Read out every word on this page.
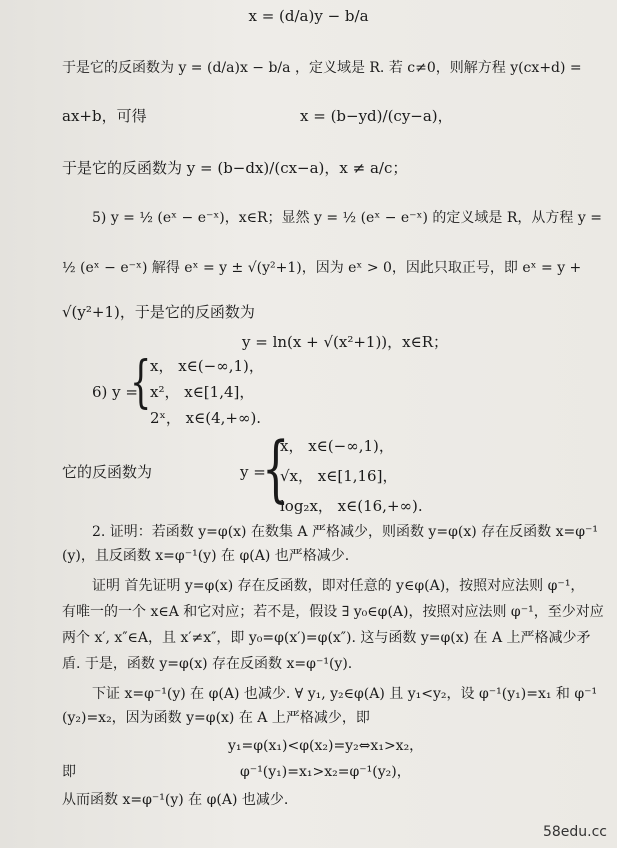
x = (d/a)y − b/a
于是它的反函数为 y = (d/a)x − b/a ，定义域是 R. 若 c≠0，则解方程 y(cx+d) =
ax+b，可得	x = (b−yd)/(cy−a)，
于是它的反函数为 y = (b−dx)/(cx−a)，x ≠ a/c；
5) y = ½ (eˣ − e⁻ˣ)，x∈R；显然 y = ½ (eˣ − e⁻ˣ) 的定义域是 R，从方程 y =
½ (eˣ − e⁻ˣ) 解得 eˣ = y ± √(y²+1)，因为 eˣ > 0，因此只取正号，即 eˣ = y +
√(y²+1)，于是它的反函数为
y = ln(x + √(x²+1))，x∈R；
6) y =
{
x， x∈(−∞,1)，
x²， x∈[1,4]，
2ˣ， x∈(4,+∞).
它的反函数为	y =
{
x， x∈(−∞,1)，
√x， x∈[1,16]，
log₂x， x∈(16,+∞).
2. 证明：若函数 y=φ(x) 在数集 A 严格减少，则函数 y=φ(x) 存在反函数 x=φ⁻¹
(y)，且反函数 x=φ⁻¹(y) 在 φ(A) 也严格减少.
证明 首先证明 y=φ(x) 存在反函数，即对任意的 y∈φ(A)，按照对应法则 φ⁻¹，
有唯一的一个 x∈A 和它对应；若不是，假设 ∃ y₀∈φ(A)，按照对应法则 φ⁻¹，至少对应
两个 x′, x″∈A，且 x′≠x″，即 y₀=φ(x′)=φ(x″). 这与函数 y=φ(x) 在 A 上严格减少矛
盾. 于是，函数 y=φ(x) 存在反函数 x=φ⁻¹(y).
下证 x=φ⁻¹(y) 在 φ(A) 也减少. ∀ y₁, y₂∈φ(A) 且 y₁<y₂，设 φ⁻¹(y₁)=x₁ 和 φ⁻¹
(y₂)=x₂，因为函数 y=φ(x) 在 A 上严格减少，即
y₁=φ(x₁)<φ(x₂)=y₂⇔x₁>x₂，
即	φ⁻¹(y₁)=x₁>x₂=φ⁻¹(y₂)，
从而函数 x=φ⁻¹(y) 在 φ(A) 也减少.
58edu.cc
